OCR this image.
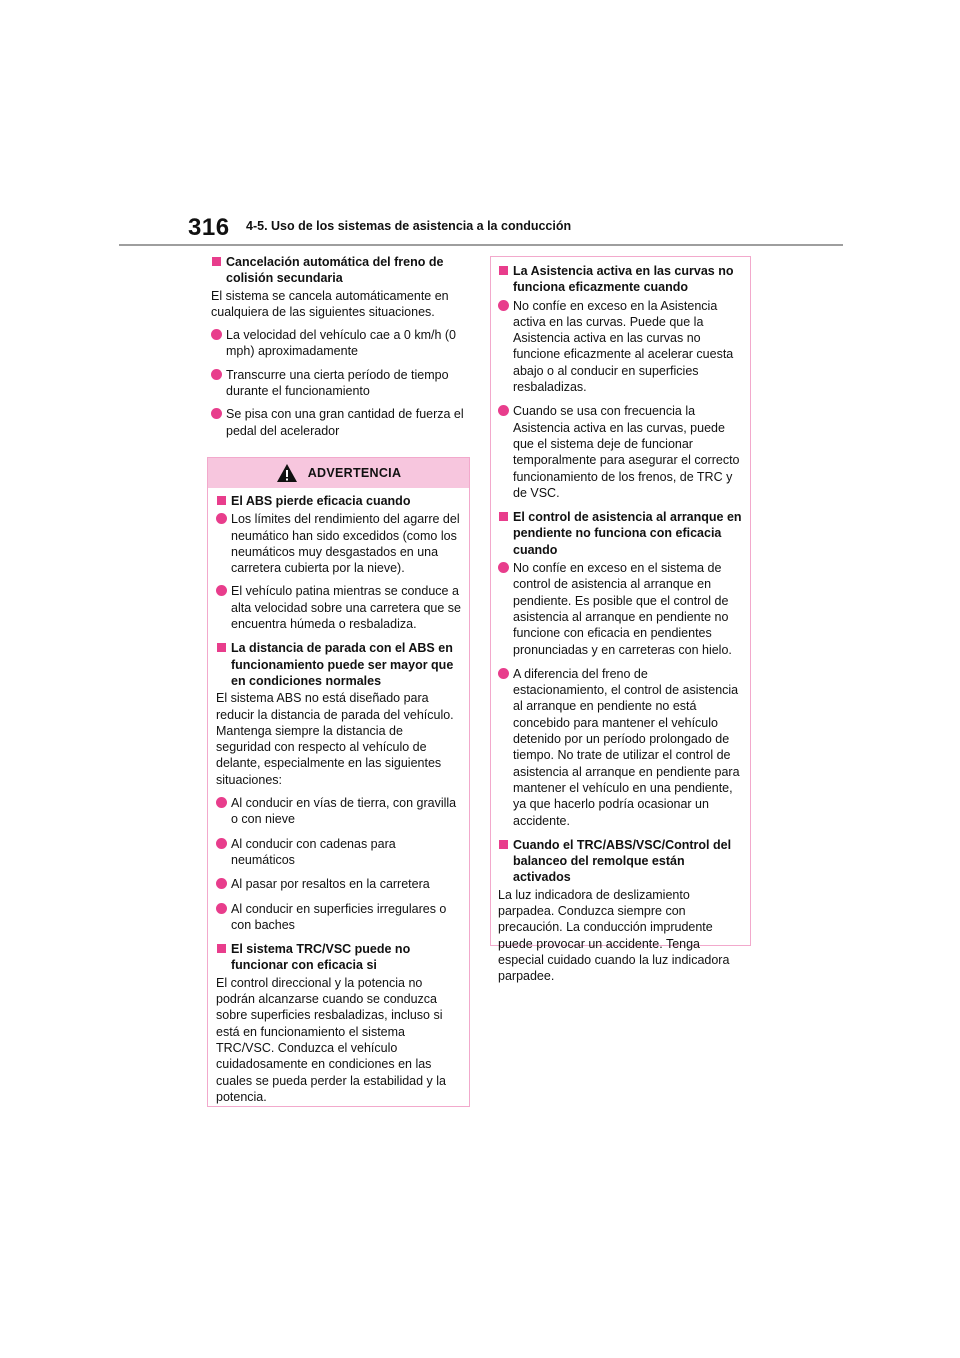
316 4-5. Uso de los sistemas de asistencia a la conducción
Cancelación automática del freno de colisión secundaria
El sistema se cancela automáticamente en cualquiera de las siguientes situaciones.
La velocidad del vehículo cae a 0 km/h (0 mph) aproximadamente
Transcurre una cierta período de tiempo durante el funcionamiento
Se pisa con una gran cantidad de fuerza el pedal del acelerador
ADVERTENCIA
El ABS pierde eficacia cuando
Los límites del rendimiento del agarre del neumático han sido excedidos (como los neumáticos muy desgastados en una carretera cubierta por la nieve).
El vehículo patina mientras se conduce a alta velocidad sobre una carretera que se encuentra húmeda o resbaladiza.
La distancia de parada con el ABS en funcionamiento puede ser mayor que en condiciones normales
El sistema ABS no está diseñado para reducir la distancia de parada del vehículo. Mantenga siempre la distancia de seguridad con respecto al vehículo de delante, especialmente en las siguientes situaciones:
Al conducir en vías de tierra, con gravilla o con nieve
Al conducir con cadenas para neumáticos
Al pasar por resaltos en la carretera
Al conducir en superficies irregulares o con baches
El sistema TRC/VSC puede no funcionar con eficacia si
El control direccional y la potencia no podrán alcanzarse cuando se conduzca sobre superficies resbaladizas, incluso si está en funcionamiento el sistema TRC/VSC. Conduzca el vehículo cuidadosamente en condiciones en las cuales se pueda perder la estabilidad y la potencia.
La Asistencia activa en las curvas no funciona eficazmente cuando
No confíe en exceso en la Asistencia activa en las curvas. Puede que la Asistencia activa en las curvas no funcione eficazmente al acelerar cuesta abajo o al conducir en superficies resbaladizas.
Cuando se usa con frecuencia la Asistencia activa en las curvas, puede que el sistema deje de funcionar temporalmente para asegurar el correcto funcionamiento de los frenos, de TRC y de VSC.
El control de asistencia al arranque en pendiente no funciona con eficacia cuando
No confíe en exceso en el sistema de control de asistencia al arranque en pendiente. Es posible que el control de asistencia al arranque en pendiente no funcione con eficacia en pendientes pronunciadas y en carreteras con hielo.
A diferencia del freno de estacionamiento, el control de asistencia al arranque en pendiente no está concebido para mantener el vehículo detenido por un período prolongado de tiempo. No trate de utilizar el control de asistencia al arranque en pendiente para mantener el vehículo en una pendiente, ya que hacerlo podría ocasionar un accidente.
Cuando el TRC/ABS/VSC/Control del balanceo del remolque están activados
La luz indicadora de deslizamiento parpadea. Conduzca siempre con precaución. La conducción imprudente puede provocar un accidente. Tenga especial cuidado cuando la luz indicadora parpadee.
